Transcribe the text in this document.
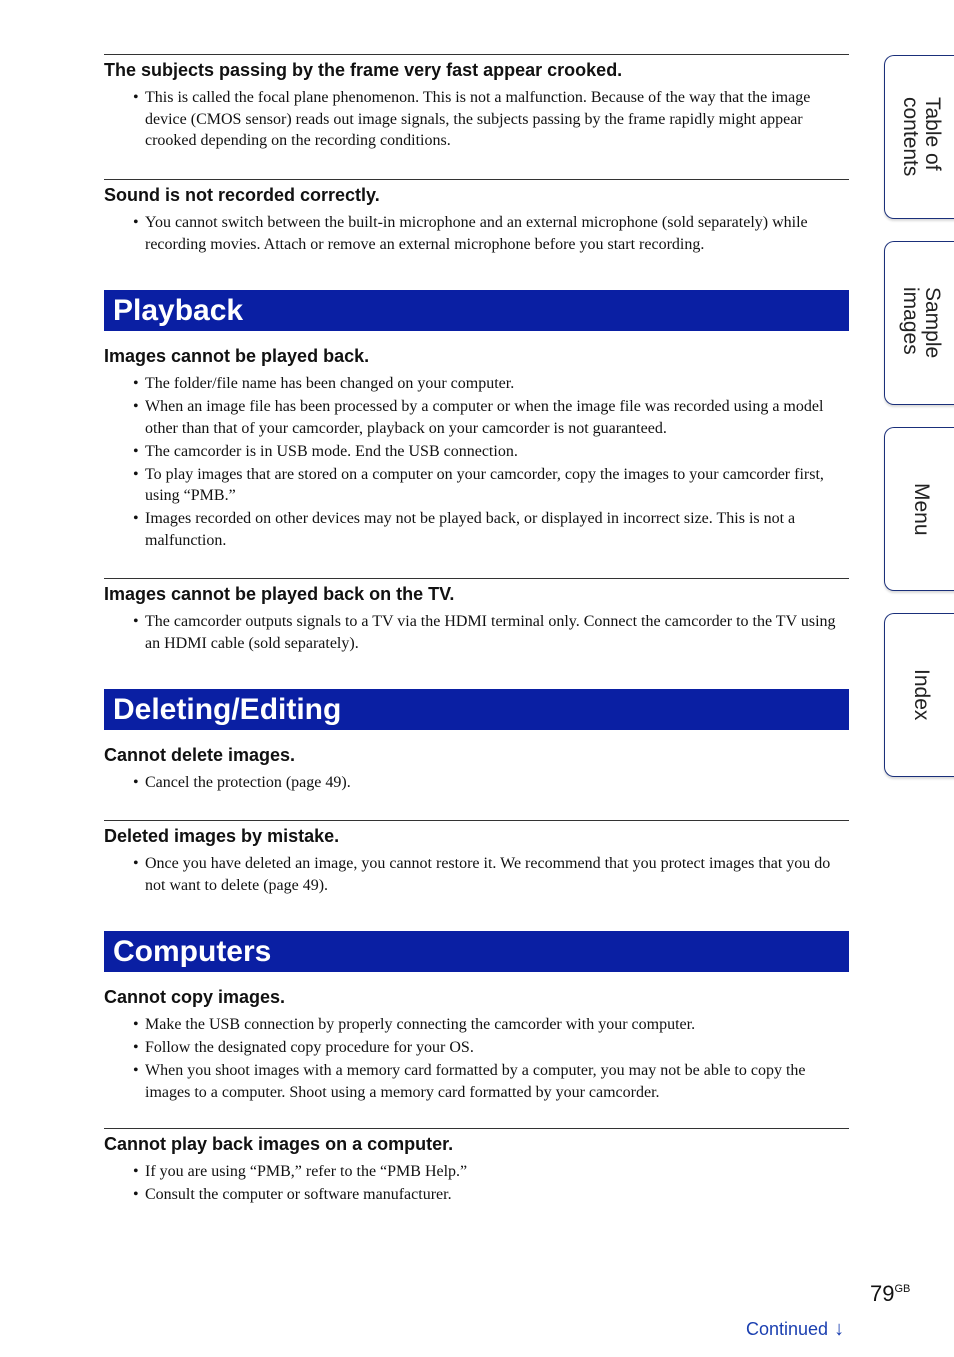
The subjects passing by the frame very fast appear crooked.
• This is called the focal plane phenomenon. This is not a malfunction. Because of the way that the image device (CMOS sensor) reads out image signals, the subjects passing by the frame rapidly might appear crooked depending on the recording conditions.
Sound is not recorded correctly.
• You cannot switch between the built-in microphone and an external microphone (sold separately) while recording movies. Attach or remove an external microphone before you start recording.
Playback
Images cannot be played back.
• The folder/file name has been changed on your computer.
• When an image file has been processed by a computer or when the image file was recorded using a model other than that of your camcorder, playback on your camcorder is not guaranteed.
• The camcorder is in USB mode. End the USB connection.
• To play images that are stored on a computer on your camcorder, copy the images to your camcorder first, using “PMB.”
• Images recorded on other devices may not be played back, or displayed in incorrect size. This is not a malfunction.
Images cannot be played back on the TV.
• The camcorder outputs signals to a TV via the HDMI terminal only. Connect the camcorder to the TV using an HDMI cable (sold separately).
Deleting/Editing
Cannot delete images.
• Cancel the protection (page 49).
Deleted images by mistake.
• Once you have deleted an image, you cannot restore it. We recommend that you protect images that you do not want to delete (page 49).
Computers
Cannot copy images.
• Make the USB connection by properly connecting the camcorder with your computer.
• Follow the designated copy procedure for your OS.
• When you shoot images with a memory card formatted by a computer, you may not be able to copy the images to a computer. Shoot using a memory card formatted by your camcorder.
Cannot play back images on a computer.
• If you are using “PMB,” refer to the “PMB Help.”
• Consult the computer or software manufacturer.
Table of
contents
Sample
images
Menu
Index
$79^{GB}$
Continued ↓
